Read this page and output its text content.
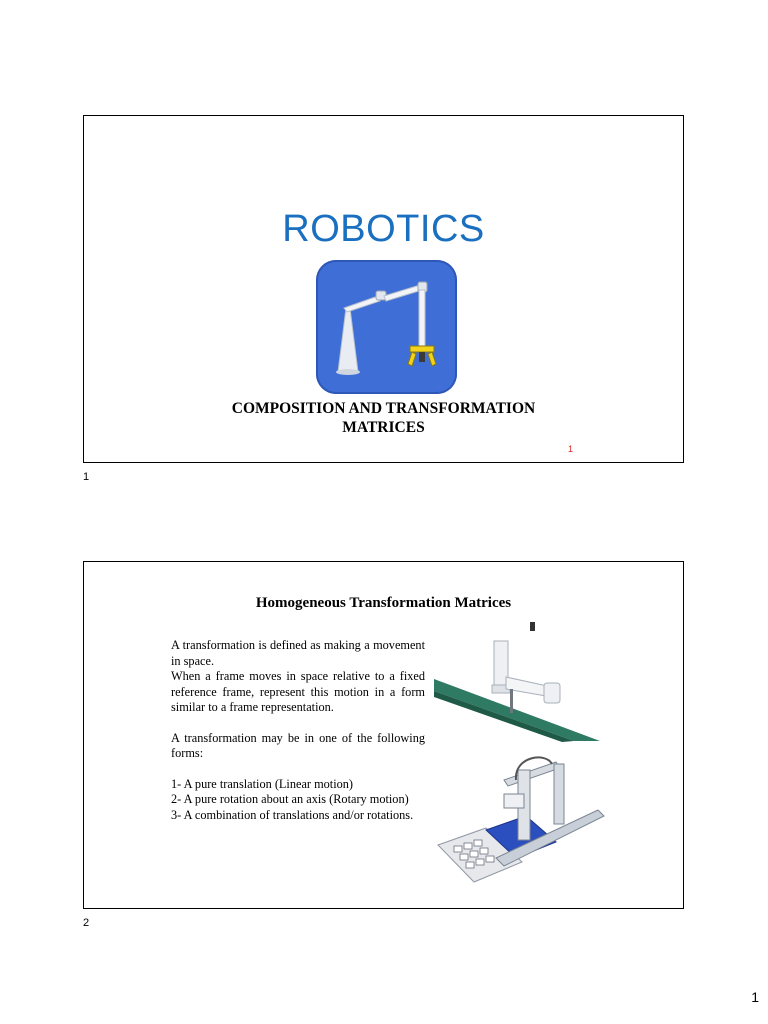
ROBOTICS
COMPOSITION AND TRANSFORMATION
MATRICES
1
1
Homogeneous Transformation Matrices

A transformation is defined as making a movement in space.

When a frame moves in space relative to a fixed reference frame, represent this motion in a form similar to a frame representation.

A transformation may be in one of the following forms:

1- A pure translation (Linear motion)

2- A pure rotation about an axis (Rotary motion)

3- A combination of translations and/or rotations.

2
1
